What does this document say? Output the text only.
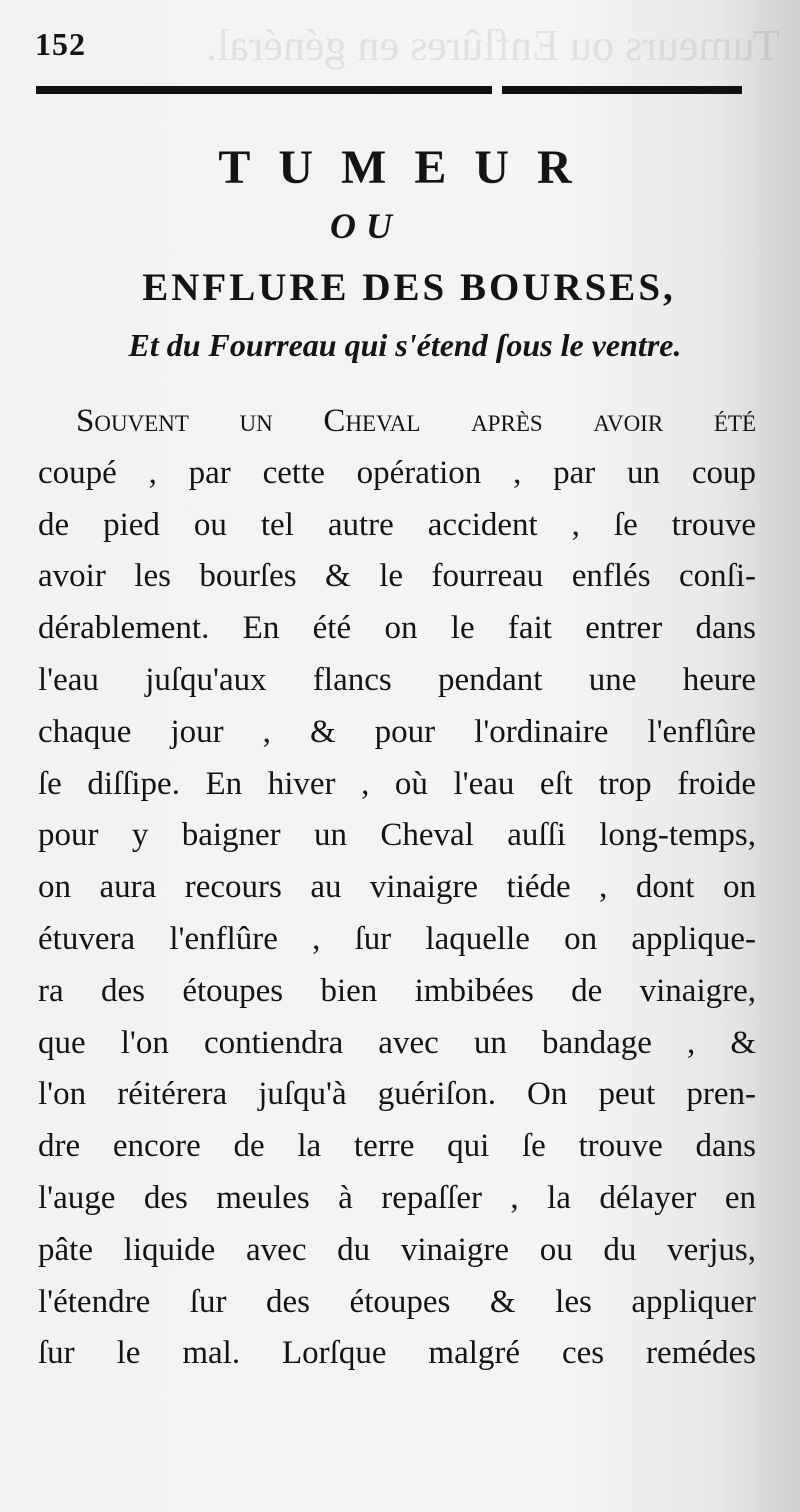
Tumeurs ou Enflûres en général.
152
TUMEUR
OU
ENFLURE DES BOURSES,
Et du Fourreau qui s'étend ſous le ventre.
Souvent un Cheval après avoir été
coupé , par cette opération , par un coup
de pied ou tel autre accident , ſe trouve
avoir les bourſes & le fourreau enflés conſi-
dérablement. En été on le fait entrer dans
l'eau juſqu'aux flancs pendant une heure
chaque jour , & pour l'ordinaire l'enflûre
ſe diſſipe. En hiver , où l'eau eſt trop froide
pour y baigner un Cheval auſſi long-temps,
on aura recours au vinaigre tiéde , dont on
étuvera l'enflûre , ſur laquelle on applique-
ra des étoupes bien imbibées de vinaigre,
que l'on contiendra avec un bandage , &
l'on réitérera juſqu'à guériſon. On peut pren-
dre encore de la terre qui ſe trouve dans
l'auge des meules à repaſſer , la délayer en
pâte liquide avec du vinaigre ou du verjus,
l'étendre ſur des étoupes & les appliquer
ſur le mal. Lorſque malgré ces remédes
